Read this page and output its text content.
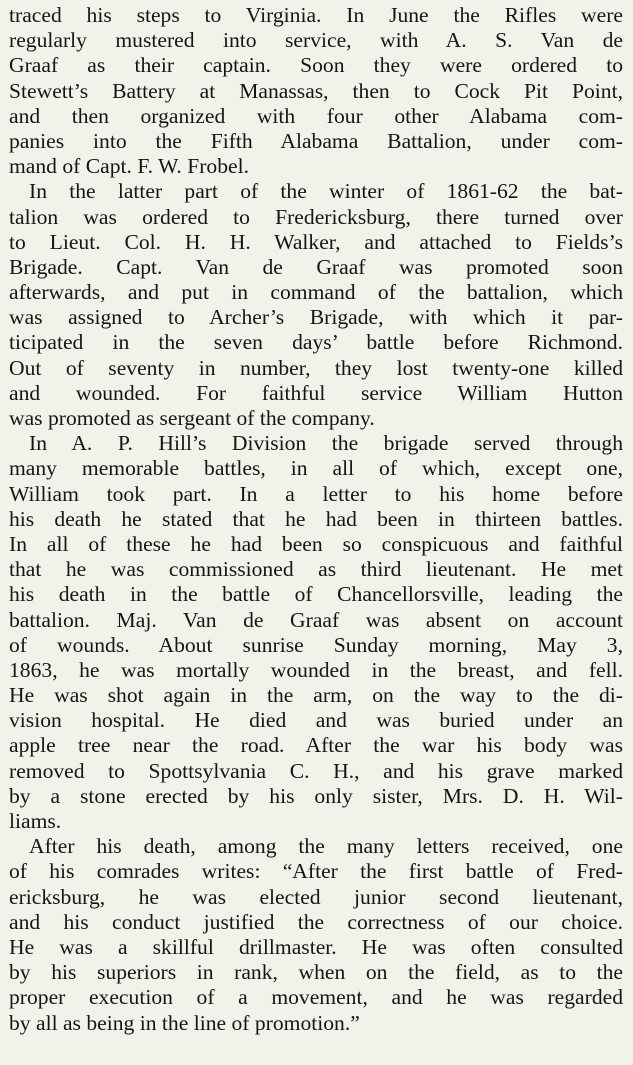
traced his steps to Virginia. In June the Rifles were
regularly mustered into service, with A. S. Van de
Graaf as their captain. Soon they were ordered to
Stewett’s Battery at Manassas, then to Cock Pit Point,
and then organized with four other Alabama com-
panies into the Fifth Alabama Battalion, under com-
mand of Capt. F. W. Frobel.
In the latter part of the winter of 1861-62 the bat-
talion was ordered to Fredericksburg, there turned over
to Lieut. Col. H. H. Walker, and attached to Fields’s
Brigade. Capt. Van de Graaf was promoted soon
afterwards, and put in command of the battalion, which
was assigned to Archer’s Brigade, with which it par-
ticipated in the seven days’ battle before Richmond.
Out of seventy in number, they lost twenty-one killed
and wounded. For faithful service William Hutton
was promoted as sergeant of the company.
In A. P. Hill’s Division the brigade served through
many memorable battles, in all of which, except one,
William took part. In a letter to his home before
his death he stated that he had been in thirteen battles.
In all of these he had been so conspicuous and faithful
that he was commissioned as third lieutenant. He met
his death in the battle of Chancellorsville, leading the
battalion. Maj. Van de Graaf was absent on account
of wounds. About sunrise Sunday morning, May 3,
1863, he was mortally wounded in the breast, and fell.
He was shot again in the arm, on the way to the di-
vision hospital. He died and was buried under an
apple tree near the road. After the war his body was
removed to Spottsylvania C. H., and his grave marked
by a stone erected by his only sister, Mrs. D. H. Wil-
liams.
After his death, among the many letters received, one
of his comrades writes: “After the first battle of Fred-
ericksburg, he was elected junior second lieutenant,
and his conduct justified the correctness of our choice.
He was a skillful drillmaster. He was often consulted
by his superiors in rank, when on the field, as to the
proper execution of a movement, and he was regarded
by all as being in the line of promotion.”
